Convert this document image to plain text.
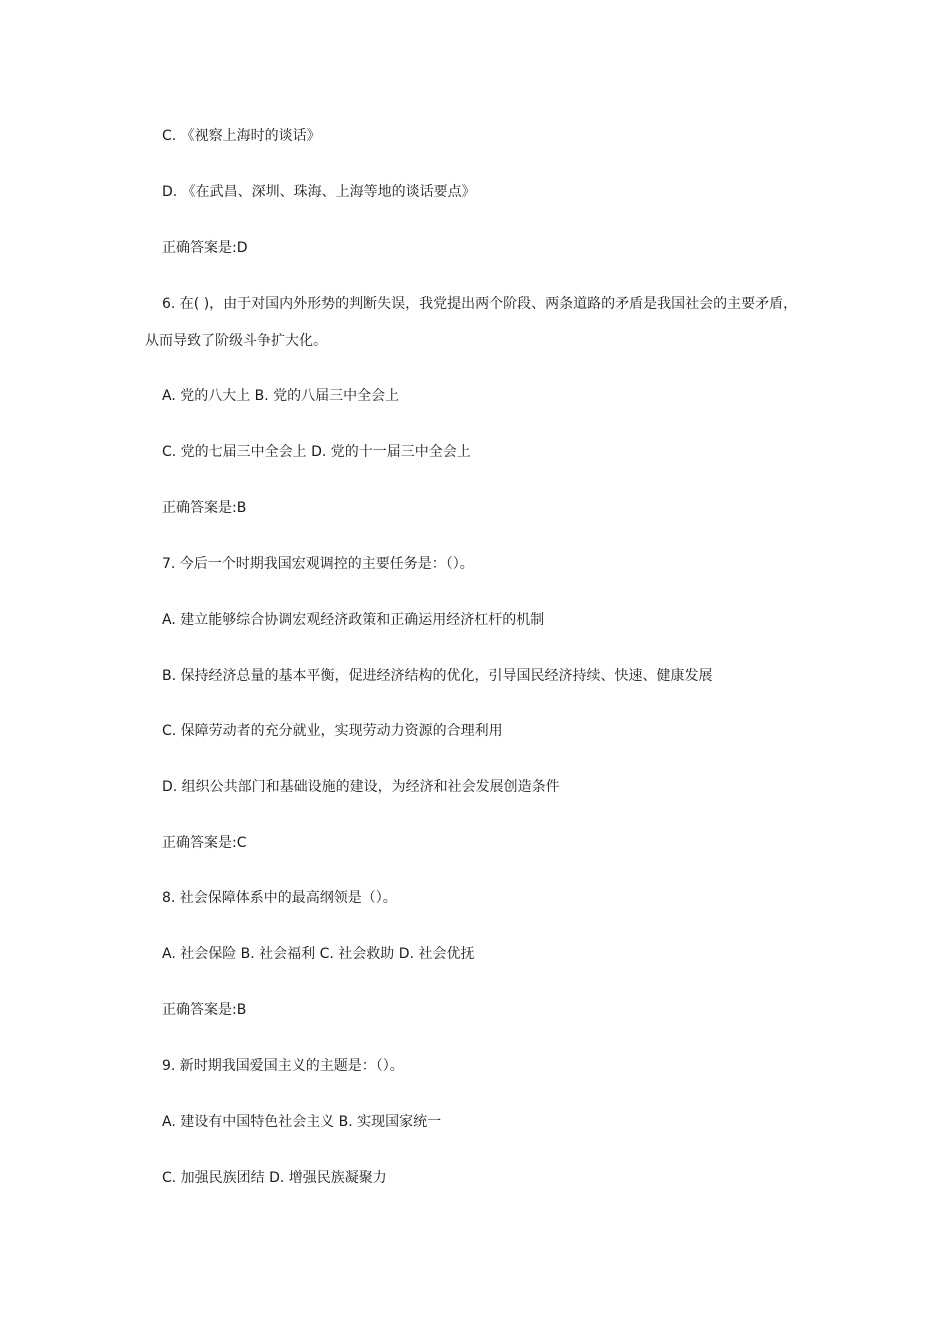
C. 《视察上海时的谈话》
D. 《在武昌、深圳、珠海、上海等地的谈话要点》
正确答案是:D
6. 在( )，由于对国内外形势的判断失误，我党提出两个阶段、两条道路的矛盾是我国社会的主要矛盾，
从而导致了阶级斗争扩大化。
A. 党的八大上 B. 党的八届三中全会上
C. 党的七届三中全会上 D. 党的十一届三中全会上
正确答案是:B
7. 今后一个时期我国宏观调控的主要任务是：（）。
A. 建立能够综合协调宏观经济政策和正确运用经济杠杆的机制
B. 保持经济总量的基本平衡，促进经济结构的优化，引导国民经济持续、快速、健康发展
C. 保障劳动者的充分就业，实现劳动力资源的合理利用
D. 组织公共部门和基础设施的建设，为经济和社会发展创造条件
正确答案是:C
8. 社会保障体系中的最高纲领是（）。
A. 社会保险 B. 社会福利 C. 社会救助 D. 社会优抚
正确答案是:B
9. 新时期我国爱国主义的主题是：（）。
A. 建设有中国特色社会主义 B. 实现国家统一
C. 加强民族团结 D. 增强民族凝聚力
